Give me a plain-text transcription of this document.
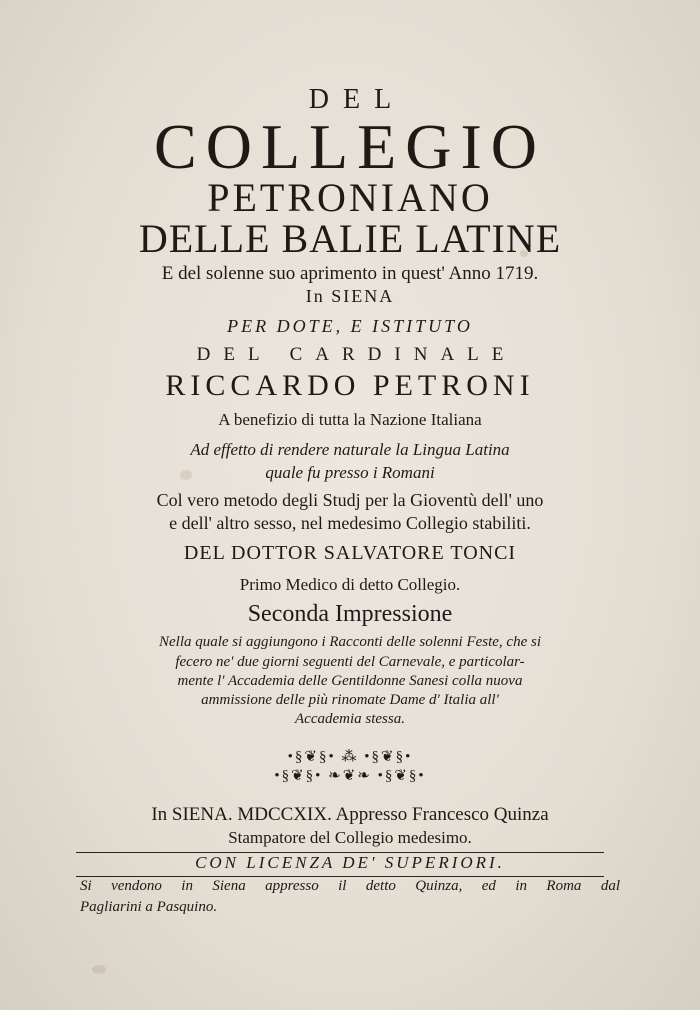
DEL
COLLEGIO
PETRONIANO
DELLE BALIE LATINE
E del solenne suo aprimento in quest' Anno 1719.
In SIENA
PER DOTE, E ISTITUTO
DEL CARDINALE
RICCARDO PETRONI
A benefizio di tutta la Nazione Italiana
Ad effetto di rendere naturale la Lingua Latina
quale fu presso i Romani
Col vero metodo degli Studj per la Gioventù dell' uno
e dell' altro sesso, nel medesimo Collegio stabiliti.
DEL DOTTOR SALVATORE TONCI
Primo Medico di detto Collegio.
Seconda Impressione
Nella quale si aggiungono i Racconti delle solenni Feste, che si
fecero ne' due giorni seguenti del Carnevale, e particolar-
mente l' Accademia delle Gentildonne Sanesi colla nuova
ammissione delle più rinomate Dame d' Italia all'
Accademia stessa.
•§❦§• ⁂ •§❦§•
•§❦§• ❧❦❧ •§❦§•
In SIENA. MDCCXIX. Appresso Francesco Quinza
Stampatore del Collegio medesimo.
CON LICENZA DE' SUPERIORI.
Si vendono in Siena appresso il detto Quinza, ed in Roma dal
Pagliarini a Pasquino.
